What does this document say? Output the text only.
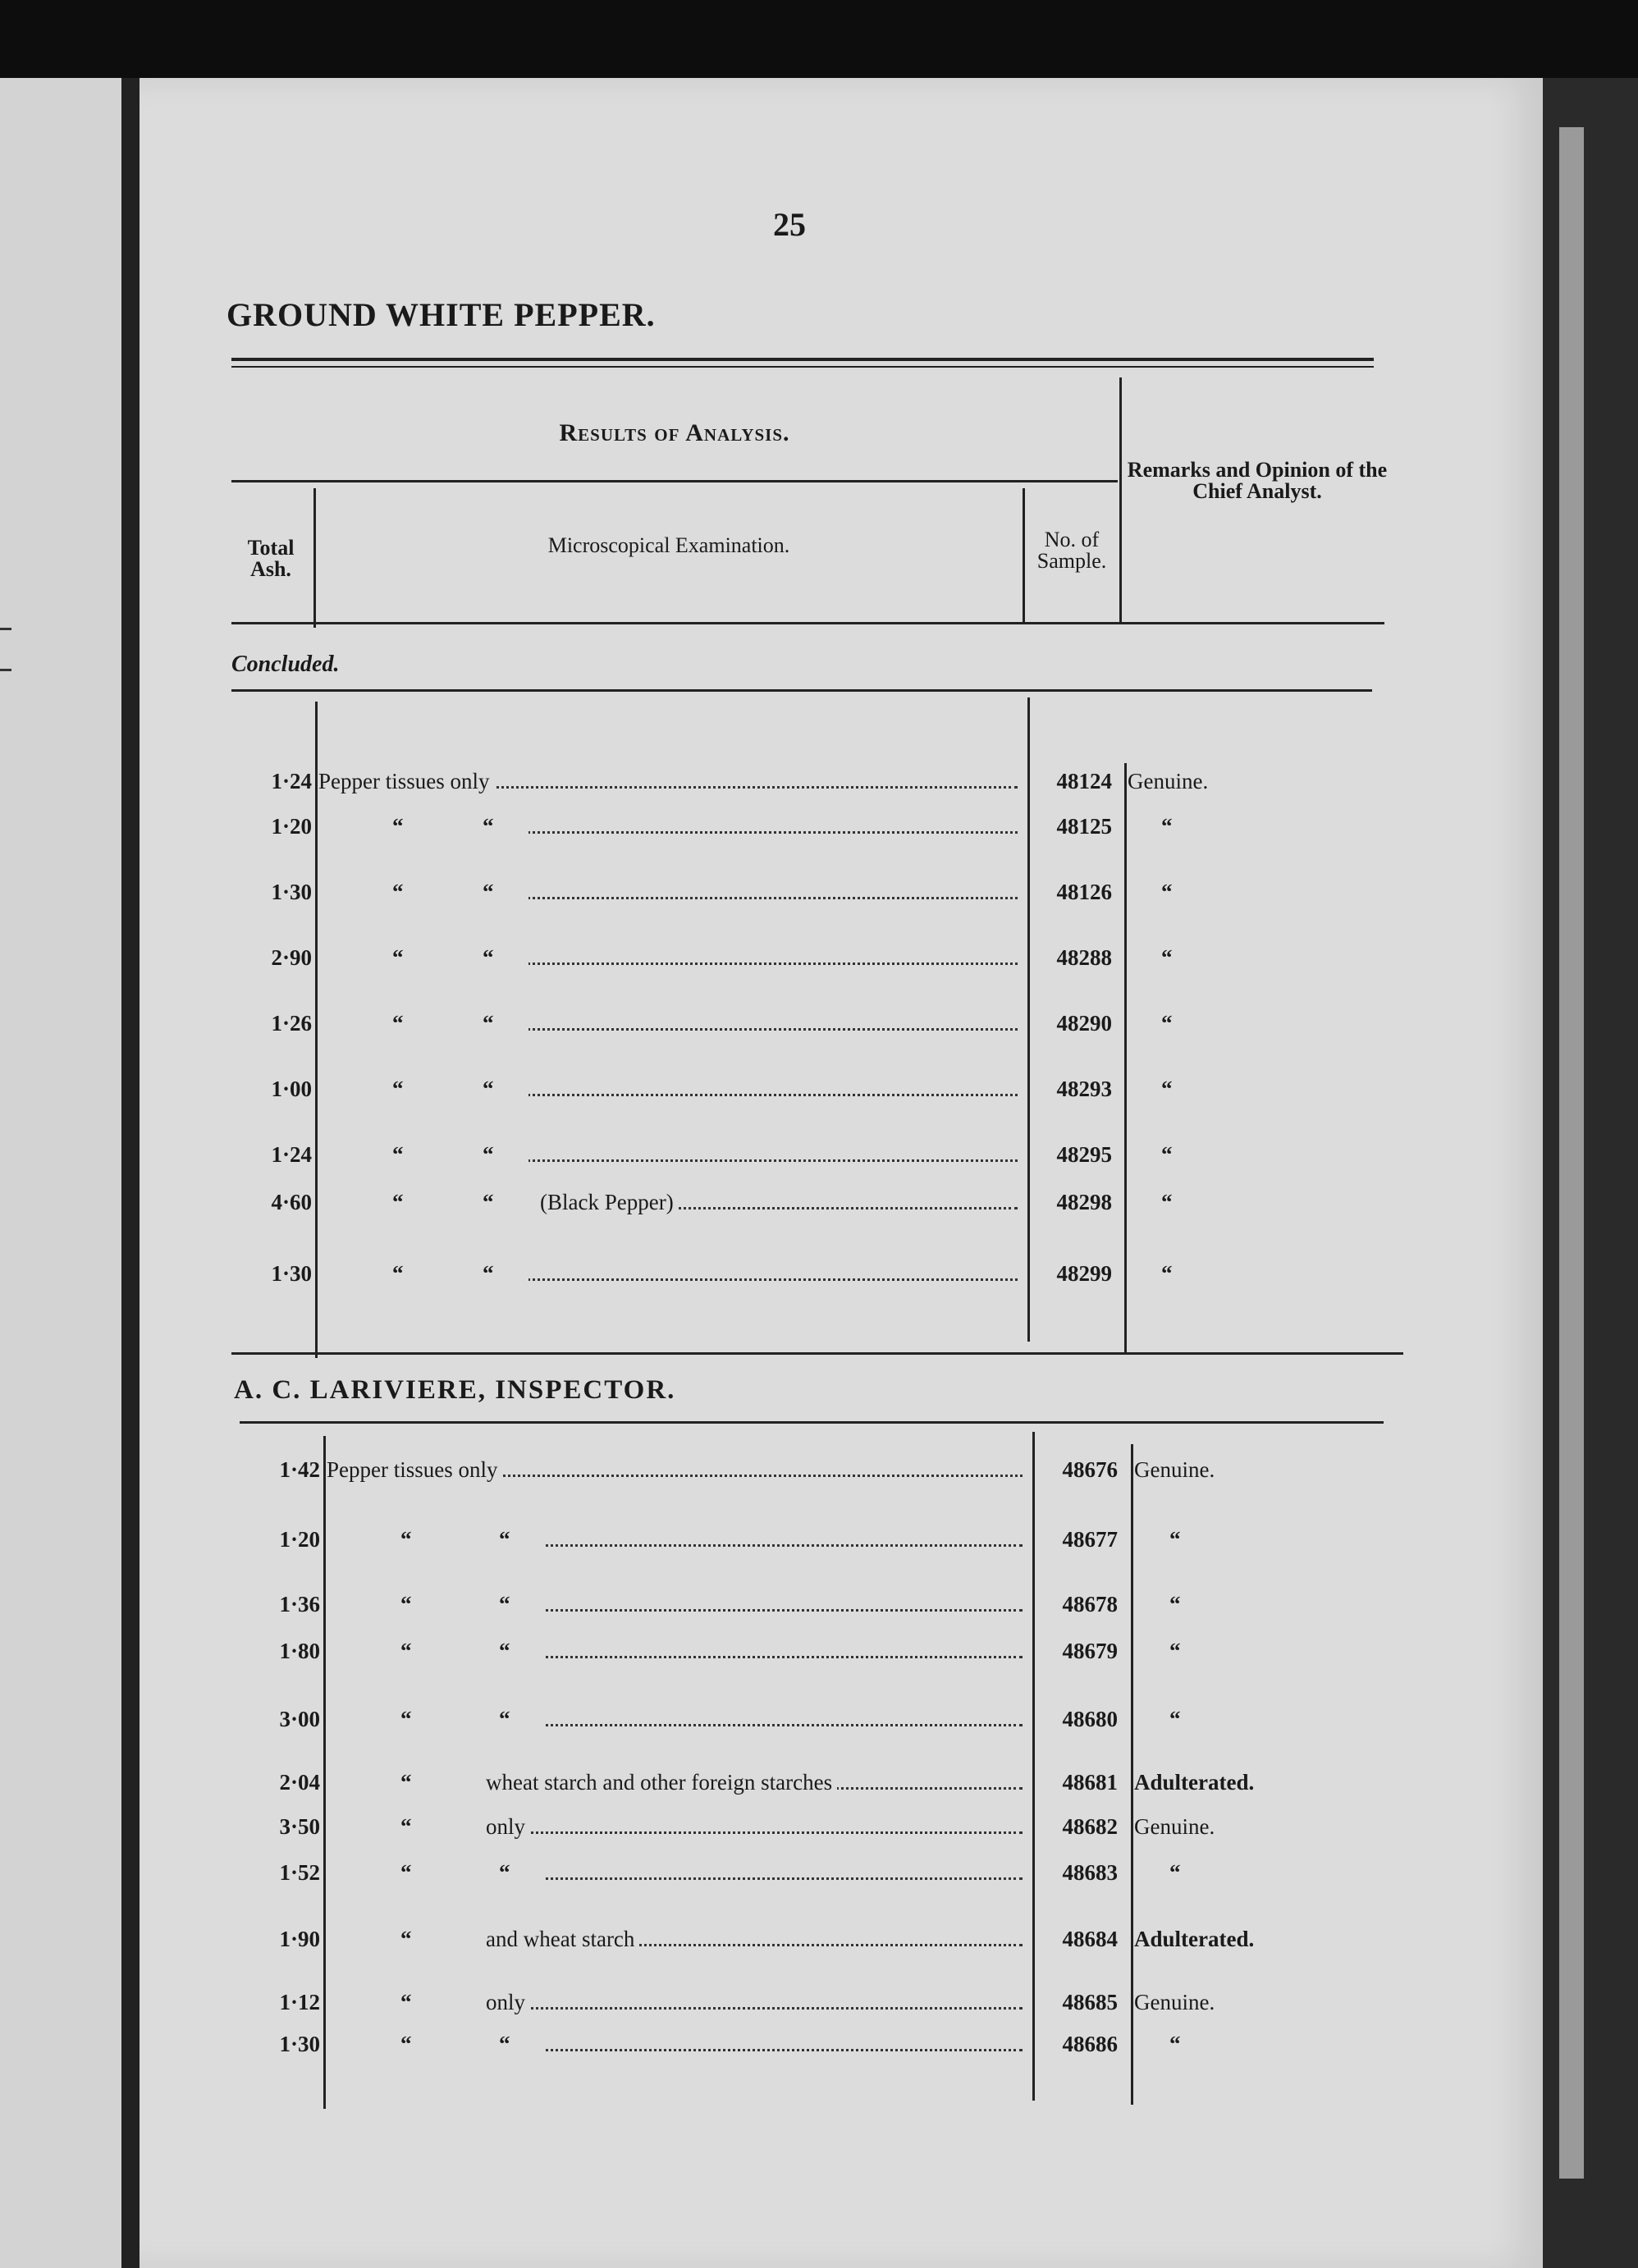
25
GROUND WHITE PEPPER.
Results of Analysis.
Remarks and Opinion of the Chief Analyst.
Total Ash.
Microscopical Examination.	No. of Sample.
Concluded.
1·24 Pepper tissues only	48124 Genuine.
1·20	“	“	48125 “
1·30	“	“	48126 “
2·90	“	“	48288 “
1·26	“	“	48290 “
1·00	“	“	48293 “
1·24	“	“	48295 “
4·60	“	“ (Black Pepper)	48298 “
1·30	“	“	48299 “
A. C. LARIVIERE, INSPECTOR.
1·42 Pepper tissues only	48676 Genuine.
1·20	“	“	48677 “
1·36	“	“	48678 “
1·80	“	“	48679 “
3·00	“	“	48680 “
2·04	“	wheat starch and other foreign starches	48681 Adulterated.
3·50	“	only	48682 Genuine.
1·52	“	“	48683 “
1·90	“	and wheat starch	48684 Adulterated.
1·12	“	only	48685 Genuine.
1·30	“	“	48686 “
